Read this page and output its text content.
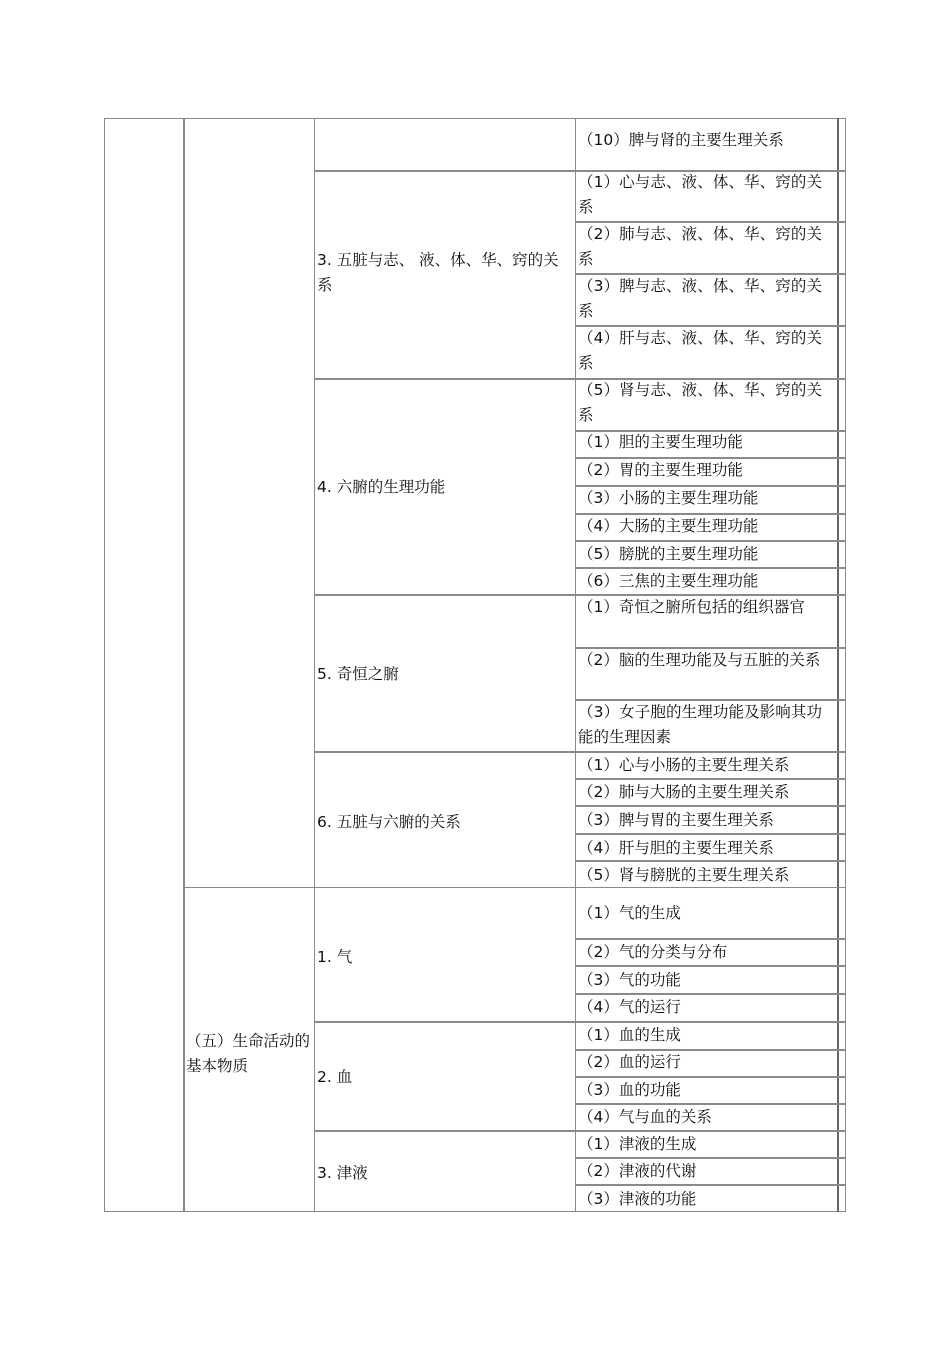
（五）生命活动的基本物质
3. 五脏与志、 液、体、华、窍的关系
4. 六腑的生理功能
5. 奇恒之腑
6. 五脏与六腑的关系
1. 气
2. 血
3. 津液
（10）脾与肾的主要生理关系
（1）心与志、液、体、华、窍的关系
（2）肺与志、液、体、华、窍的关系
（3）脾与志、液、体、华、窍的关系
（4）肝与志、液、体、华、窍的关系
（5）肾与志、液、体、华、窍的关系
（1）胆的主要生理功能
（2）胃的主要生理功能
（3）小肠的主要生理功能
（4）大肠的主要生理功能
（5）膀胱的主要生理功能
（6）三焦的主要生理功能
（1）奇恒之腑所包括的组织器官
（2）脑的生理功能及与五脏的关系
（3）女子胞的生理功能及影响其功能的生理因素
（1）心与小肠的主要生理关系
（2）肺与大肠的主要生理关系
（3）脾与胃的主要生理关系
（4）肝与胆的主要生理关系
（5）肾与膀胱的主要生理关系
（1）气的生成
（2）气的分类与分布
（3）气的功能
（4）气的运行
（1）血的生成
（2）血的运行
（3）血的功能
（4）气与血的关系
（1）津液的生成
（2）津液的代谢
（3）津液的功能
